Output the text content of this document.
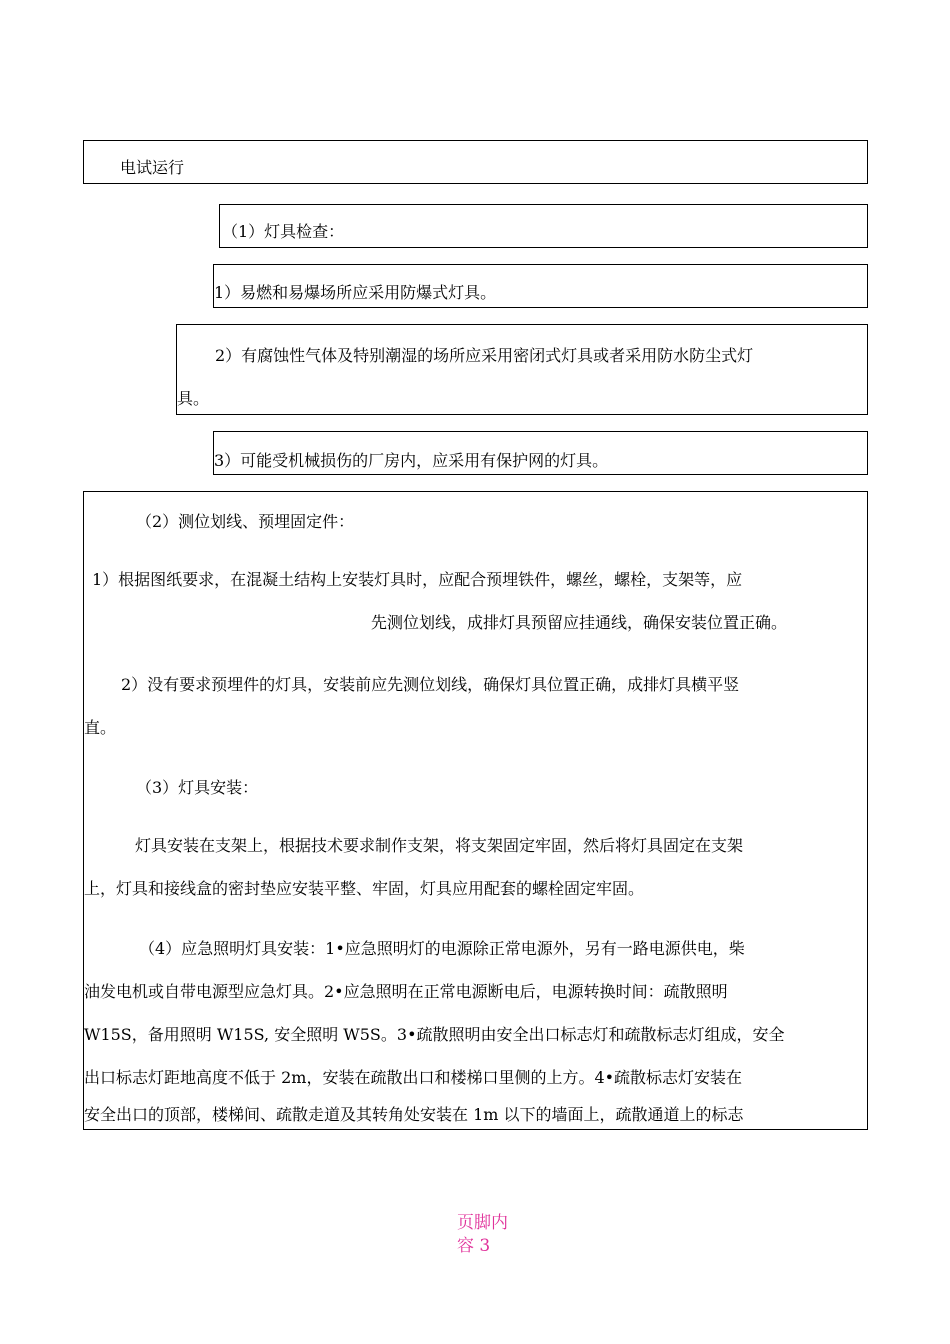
电试运行
（1）灯具检查：
1）易燃和易爆场所应采用防爆式灯具。
2）有腐蚀性气体及特别潮湿的场所应采用密闭式灯具或者采用防水防尘式灯
具。
3）可能受机械损伤的厂房内，应采用有保护网的灯具。
（2）测位划线、预埋固定件：
1）根据图纸要求，在混凝土结构上安装灯具时，应配合预埋铁件，螺丝，螺栓，支架等，应
先测位划线，成排灯具预留应挂通线，确保安装位置正确。
2）没有要求预埋件的灯具，安装前应先测位划线，确保灯具位置正确，成排灯具横平竖
直。
（3）灯具安装：
灯具安装在支架上，根据技术要求制作支架，将支架固定牢固，然后将灯具固定在支架
上，灯具和接线盒的密封垫应安装平整、牢固，灯具应用配套的螺栓固定牢固。
（4）应急照明灯具安装：1•应急照明灯的电源除正常电源外，另有一路电源供电，柴
油发电机或自带电源型应急灯具。2•应急照明在正常电源断电后，电源转换时间：疏散照明
W15S，备用照明 W15S, 安全照明 W5S。3•疏散照明由安全出口标志灯和疏散标志灯组成，安全
出口标志灯距地高度不低于 2m，安装在疏散出口和楼梯口里侧的上方。4•疏散标志灯安装在
安全出口的顶部，楼梯间、疏散走道及其转角处安装在 1m 以下的墙面上，疏散通道上的标志
页脚内
容 3
